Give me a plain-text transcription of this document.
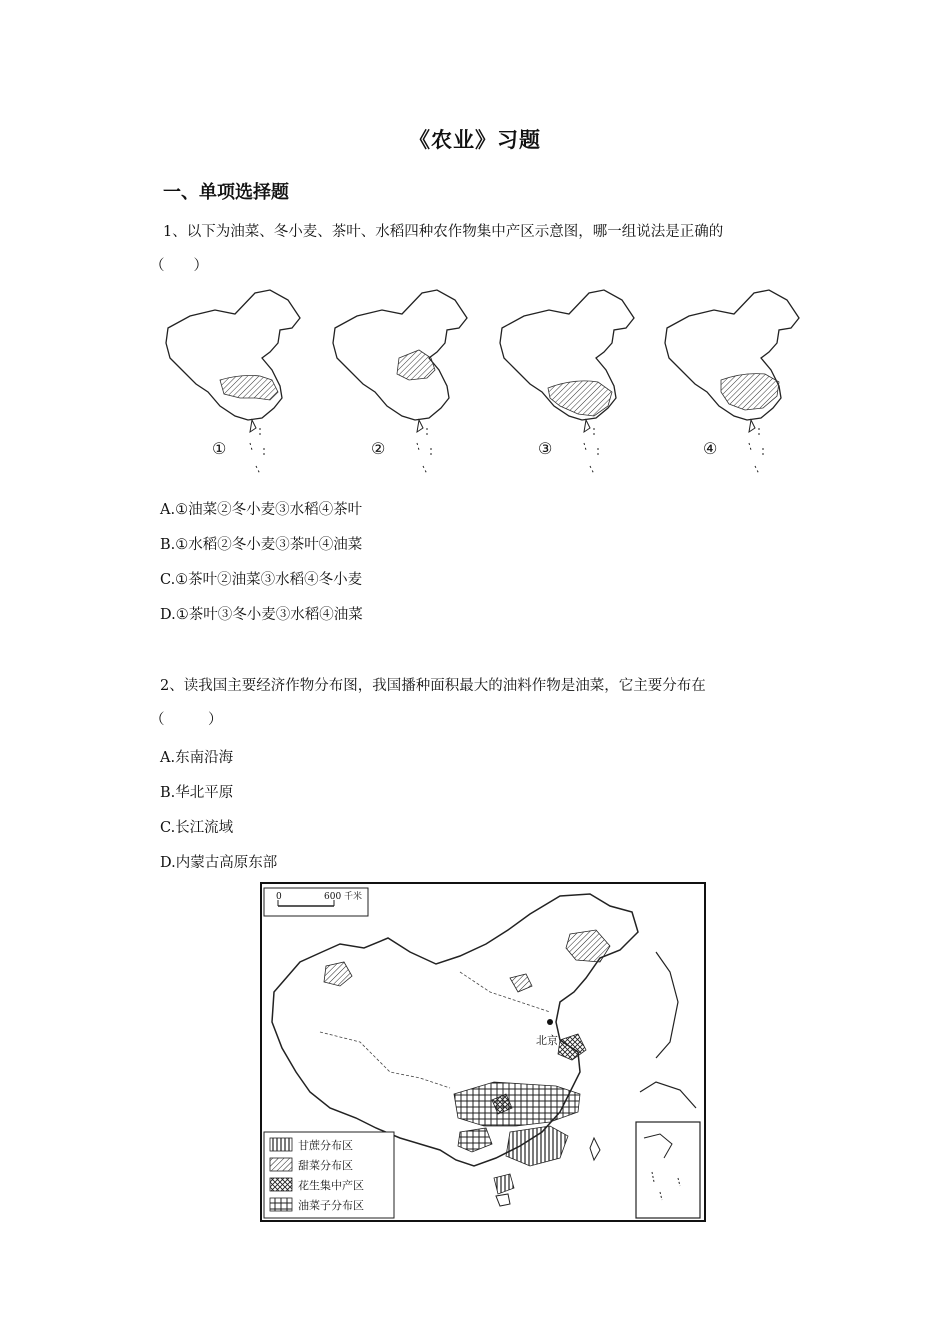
《农业》习题
一、单项选择题
1、以下为油菜、冬小麦、茶叶、水稻四种农作物集中产区示意图，哪一组说法是正确的
（　　）
①	②	③	④
A.①油菜②冬小麦③水稻④茶叶
B.①水稻②冬小麦③茶叶④油菜
C.①茶叶②油菜③水稻④冬小麦
D.①茶叶③冬小麦③水稻④油菜
2、读我国主要经济作物分布图，我国播种面积最大的油料作物是油菜，它主要分布在
（　　　）
A.东南沿海
B.华北平原
C.长江流域
D.内蒙古高原东部
0	600 千米
北京
甘蔗分布区
甜菜分布区
花生集中产区
油菜子分布区
